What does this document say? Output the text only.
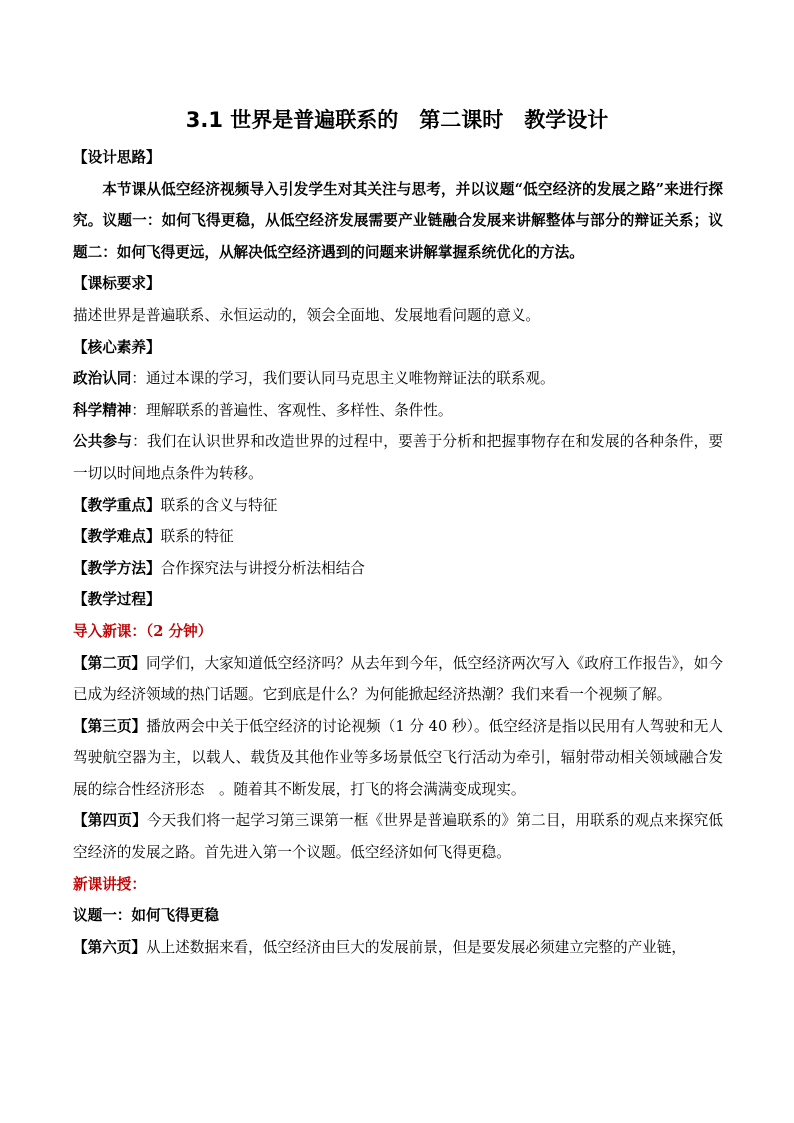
3.1 世界是普遍联系的　第二课时　教学设计

【设计思路】

本节课从低空经济视频导入引发学生对其关注与思考，并以议题“低空经济的发展之路”来进行探究。议题一：如何飞得更稳，从低空经济发展需要产业链融合发展来讲解整体与部分的辩证关系；议题二：如何飞得更远，从解决低空经济遇到的问题来讲解掌握系统优化的方法。

【课标要求】

描述世界是普遍联系、永恒运动的，领会全面地、发展地看问题的意义。

【核心素养】

政治认同：通过本课的学习，我们要认同马克思主义唯物辩证法的联系观。

科学精神：理解联系的普遍性、客观性、多样性、条件性。

公共参与：我们在认识世界和改造世界的过程中，要善于分析和把握事物存在和发展的各种条件，要一切以时间地点条件为转移。

【教学重点】联系的含义与特征

【教学难点】联系的特征

【教学方法】合作探究法与讲授分析法相结合

【教学过程】

导入新课：（2 分钟）

【第二页】同学们，大家知道低空经济吗？从去年到今年，低空经济两次写入《政府工作报告》，如今已成为经济领域的热门话题。它到底是什么？为何能掀起经济热潮？我们来看一个视频了解。

【第三页】播放两会中关于低空经济的讨论视频（1 分 40 秒）。低空经济是指以民用有人驾驶和无人驾驶航空器为主，以载人、载货及其他作业等多场景低空飞行活动为牵引，辐射带动相关领域融合发展的综合性经济形态　。随着其不断发展，打飞的将会满满变成现实。

【第四页】今天我们将一起学习第三课第一框《世界是普遍联系的》第二目，用联系的观点来探究低空经济的发展之路。首先进入第一个议题。低空经济如何飞得更稳。

新课讲授：

议题一：如何飞得更稳

【第六页】从上述数据来看，低空经济由巨大的发展前景，但是要发展必须建立完整的产业链，
